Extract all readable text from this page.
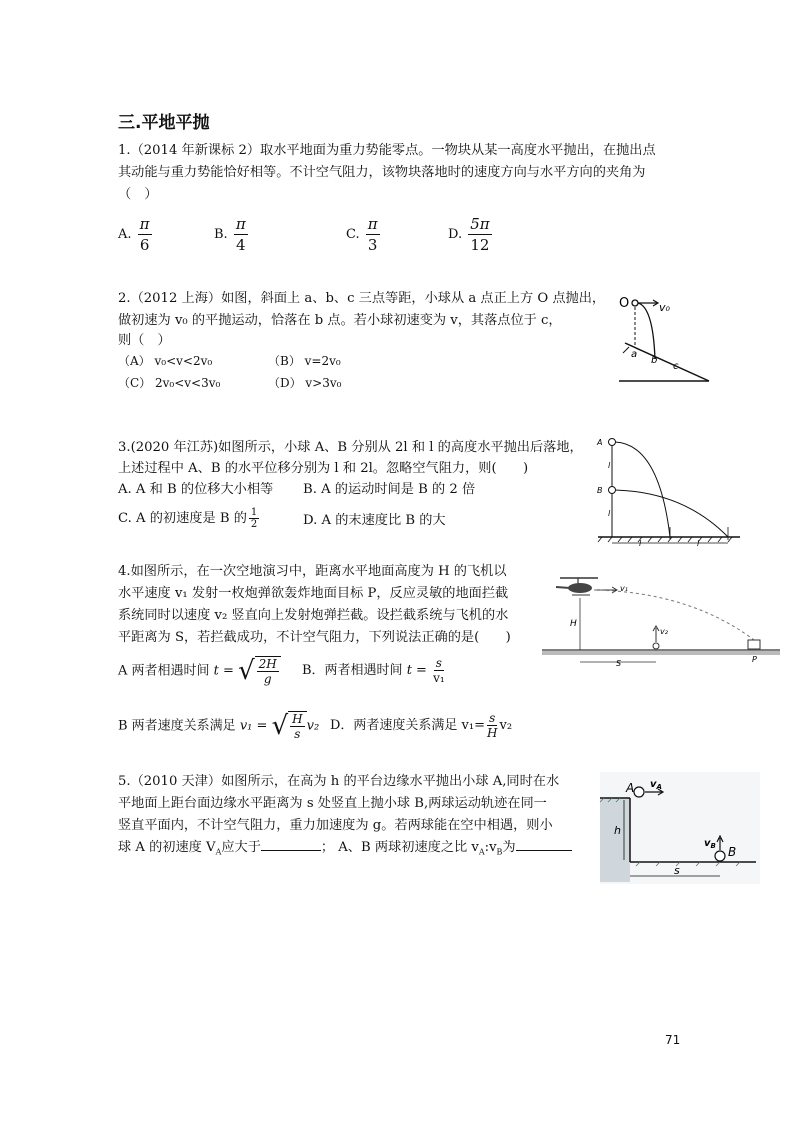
三.平地平抛
1.（2014 年新课标 2）取水平地面为重力势能零点。一物块从某一高度水平抛出，在抛出点
其动能与重力势能恰好相等。不计空气阻力，该物块落地时的速度方向与水平方向的夹角为
（　）
A. $\frac{\pi}{6}$	B. $\frac{\pi}{4}$	C. $\frac{\pi}{3}$	D. $\frac{5\pi}{12}$
2.（2012 上海）如图，斜面上 a、b、c 三点等距，小球从 a 点正上方 O 点抛出，
做初速为 v₀ 的平抛运动，恰落在 b 点。若小球初速变为 v，其落点位于 c，
则（　）
（A） v₀<v<2v₀	（B） v=2v₀
（C） 2v₀<v<3v₀	（D） v>3v₀
O	v₀
a
b
c
3.(2020 年江苏)如图所示，小球 A、B 分别从 2l 和 l 的高度水平抛出后落地，
上述过程中 A、B 的水平位移分别为 l 和 2l。忽略空气阻力，则(　　)
A. A 和 B 的位移大小相等 B. A 的运动时间是 B 的 2 倍
C. A 的初速度是 B 的 $\frac{1}{2}$	D. A 的末速度比 B 的大
A
B
l
l
l	l
4.如图所示，在一次空地演习中，距离水平地面高度为 H 的飞机以
水平速度 v₁ 发射一枚炮弹欲轰炸地面目标 P，反应灵敏的地面拦截
系统同时以速度 v₂ 竖直向上发射炮弹拦截。设拦截系统与飞机的水
平距离为 S，若拦截成功，不计空气阻力，下列说法正确的是(　　)
A 两者相遇时间 t = √ $\frac{2H}{g}$ B．两者相遇时间 $t = \frac{s}{\text{v₁}}$
B 两者速度关系满足 v₁ = √ $\frac{H}{s} v_2$ D．两者速度关系满足 $v_1= \frac{s}{H} v_2$
v₁
v₂
H
S	P
5.（2010 天津）如图所示，在高为 h 的平台边缘水平抛出小球 A,同时在水
平地面上距台面边缘水平距离为 s 处竖直上抛小球 B,两球运动轨迹在同一
竖直平面内，不计空气阻力，重力加速度为 g。若两球能在空中相遇，则小
球 A 的初速度 $V_A$应大于	； A、B 两球初速度之比 $v_A:v_B$为
A $v_A$
$v_B$ B
h
s
71
